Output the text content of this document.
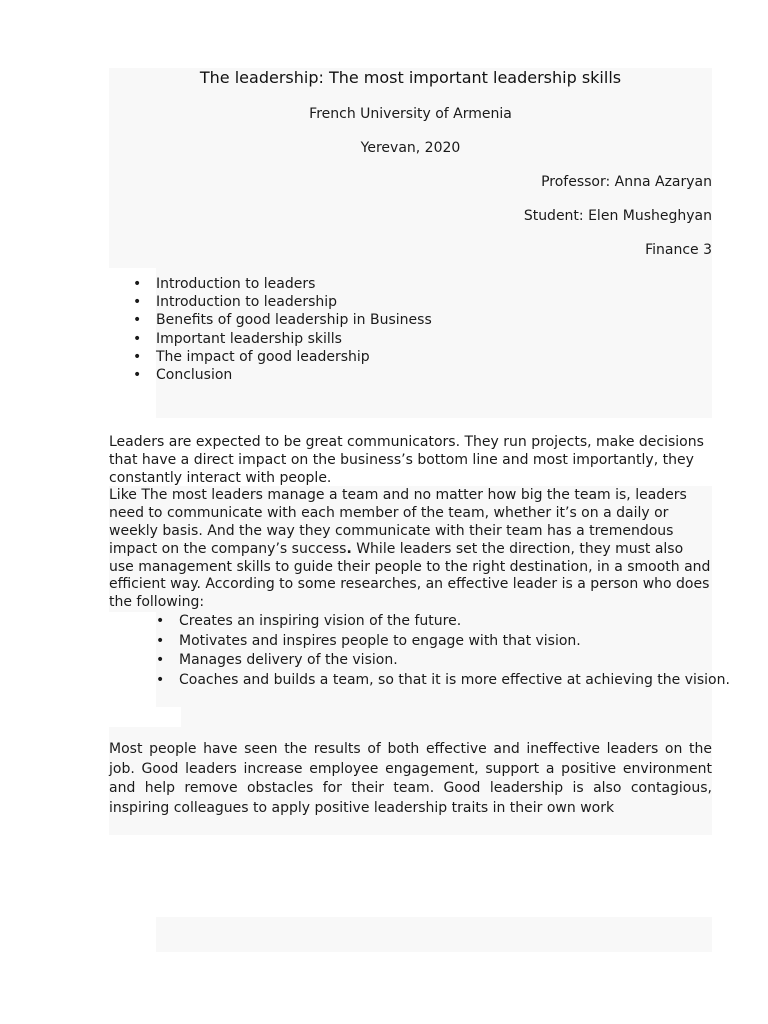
The leadership: The most important leadership skills
French University of Armenia
Yerevan, 2020
Professor: Anna Azaryan
Student: Elen Musheghyan
Finance 3
• Introduction to leaders
• Introduction to leadership
• Benefits of good leadership in Business
• Important leadership skills
• The impact of good leadership
• Conclusion

Leaders are expected to be great communicators. They run projects, make decisions that have a direct impact on the business’s bottom line and most importantly, they constantly interact with people.
Like The most leaders manage a team and no matter how big the team is, leaders need to communicate with each member of the team, whether it’s on a daily or weekly basis. And the way they communicate with their team has a tremendous impact on the company’s success. While leaders set the direction, they must also use management skills to guide their people to the right destination, in a smooth and efficient way. According to some researches, an effective leader is a person who does the following:

• Creates an inspiring vision of the future.
• Motivates and inspires people to engage with that vision.
• Manages delivery of the vision.
• Coaches and builds a team, so that it is more effective at achieving the vision.

Most people have seen the results of both effective and ineffective leaders on the job. Good leaders increase employee engagement, support a positive environment and help remove obstacles for their team. Good leadership is also contagious, inspiring colleagues to apply positive leadership traits in their own work
